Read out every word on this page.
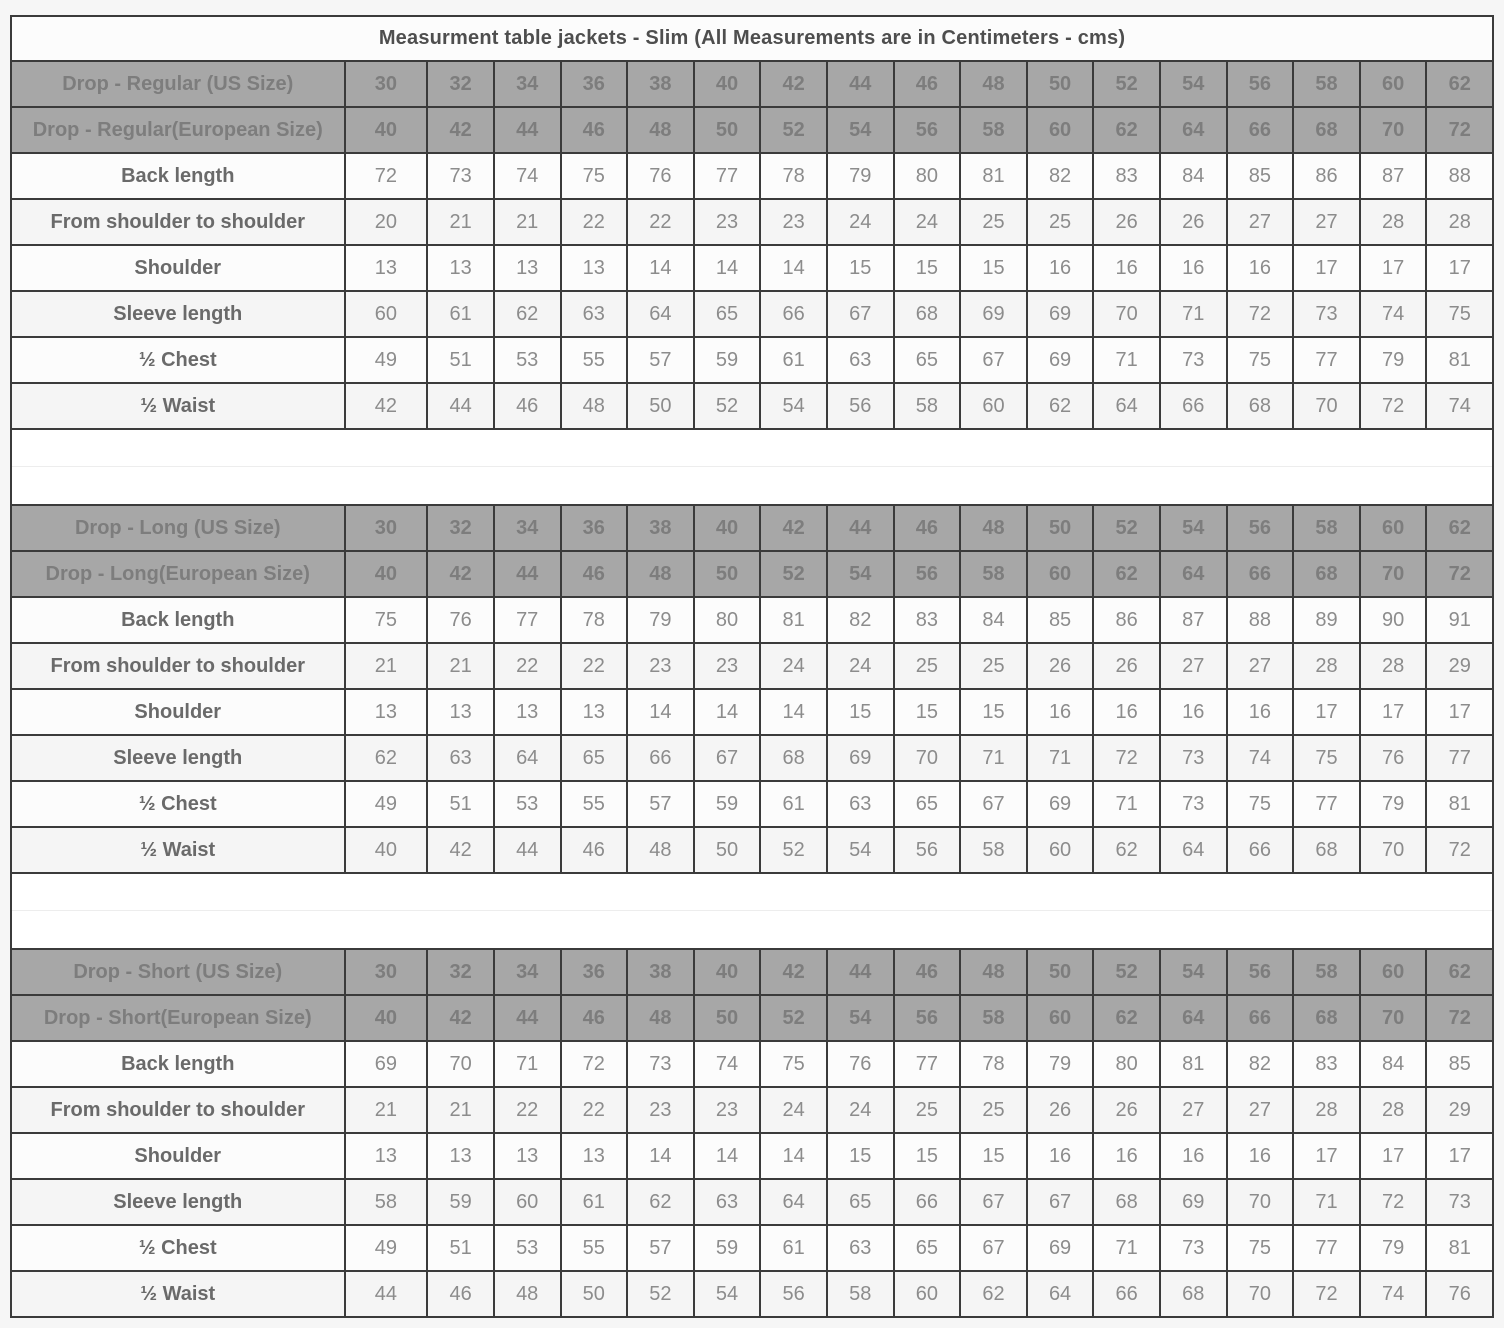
Measurment table jackets - Slim (All Measurements are in Centimeters - cms)
Drop - Regular (US Size)	30	32	34	36	38	40	42	44	46	48	50	52	54	56	58	60	62
Drop - Regular(European Size)	40	42	44	46	48	50	52	54	56	58	60	62	64	66	68	70	72
Back length	72	73	74	75	76	77	78	79	80	81	82	83	84	85	86	87	88
From shoulder to shoulder	20	21	21	22	22	23	23	24	24	25	25	26	26	27	27	28	28
Shoulder	13	13	13	13	14	14	14	15	15	15	16	16	16	16	17	17	17
Sleeve length	60	61	62	63	64	65	66	67	68	69	69	70	71	72	73	74	75
½ Chest	49	51	53	55	57	59	61	63	65	67	69	71	73	75	77	79	81
½ Waist	42	44	46	48	50	52	54	56	58	60	62	64	66	68	70	72	74
Drop - Long (US Size)	30	32	34	36	38	40	42	44	46	48	50	52	54	56	58	60	62
Drop - Long(European Size)	40	42	44	46	48	50	52	54	56	58	60	62	64	66	68	70	72
Back length	75	76	77	78	79	80	81	82	83	84	85	86	87	88	89	90	91
From shoulder to shoulder	21	21	22	22	23	23	24	24	25	25	26	26	27	27	28	28	29
Shoulder	13	13	13	13	14	14	14	15	15	15	16	16	16	16	17	17	17
Sleeve length	62	63	64	65	66	67	68	69	70	71	71	72	73	74	75	76	77
½ Chest	49	51	53	55	57	59	61	63	65	67	69	71	73	75	77	79	81
½ Waist	40	42	44	46	48	50	52	54	56	58	60	62	64	66	68	70	72
Drop - Short (US Size)	30	32	34	36	38	40	42	44	46	48	50	52	54	56	58	60	62
Drop - Short(European Size)	40	42	44	46	48	50	52	54	56	58	60	62	64	66	68	70	72
Back length	69	70	71	72	73	74	75	76	77	78	79	80	81	82	83	84	85
From shoulder to shoulder	21	21	22	22	23	23	24	24	25	25	26	26	27	27	28	28	29
Shoulder	13	13	13	13	14	14	14	15	15	15	16	16	16	16	17	17	17
Sleeve length	58	59	60	61	62	63	64	65	66	67	67	68	69	70	71	72	73
½ Chest	49	51	53	55	57	59	61	63	65	67	69	71	73	75	77	79	81
½ Waist	44	46	48	50	52	54	56	58	60	62	64	66	68	70	72	74	76
